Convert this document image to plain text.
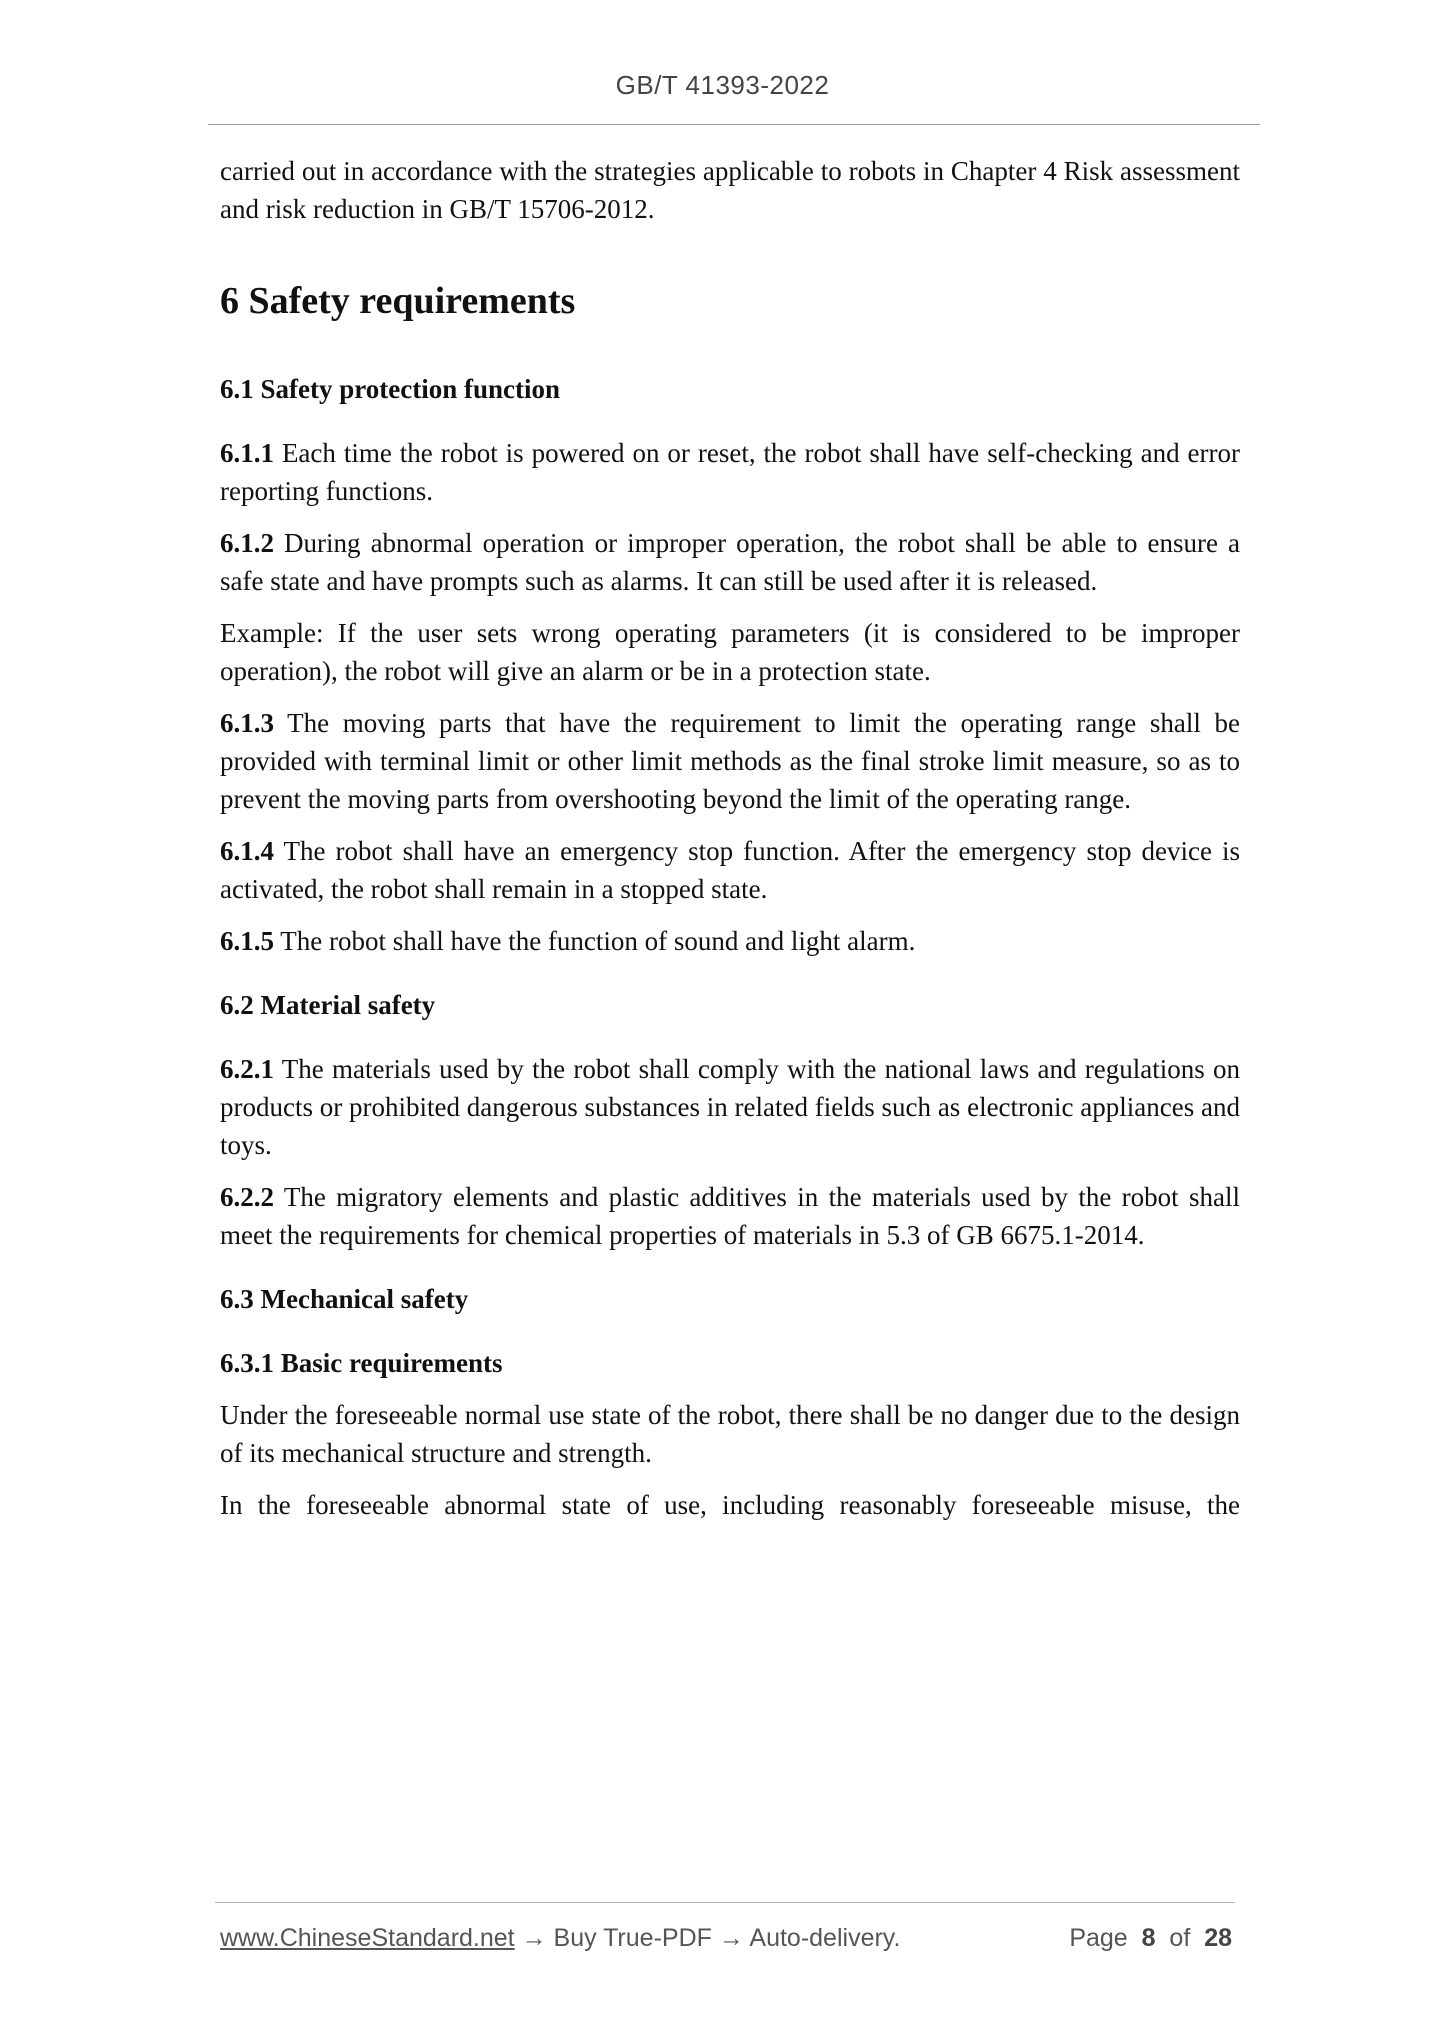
GB/T 41393-2022

carried out in accordance with the strategies applicable to robots in Chapter 4 Risk assessment and risk reduction in GB/T 15706-2012.

6 Safety requirements

6.1 Safety protection function

6.1.1 Each time the robot is powered on or reset, the robot shall have self-checking and error reporting functions.

6.1.2 During abnormal operation or improper operation, the robot shall be able to ensure a safe state and have prompts such as alarms. It can still be used after it is released.

Example: If the user sets wrong operating parameters (it is considered to be improper operation), the robot will give an alarm or be in a protection state.

6.1.3 The moving parts that have the requirement to limit the operating range shall be provided with terminal limit or other limit methods as the final stroke limit measure, so as to prevent the moving parts from overshooting beyond the limit of the operating range.

6.1.4 The robot shall have an emergency stop function. After the emergency stop device is activated, the robot shall remain in a stopped state.

6.1.5 The robot shall have the function of sound and light alarm.

6.2 Material safety

6.2.1 The materials used by the robot shall comply with the national laws and regulations on products or prohibited dangerous substances in related fields such as electronic appliances and toys.

6.2.2 The migratory elements and plastic additives in the materials used by the robot shall meet the requirements for chemical properties of materials in 5.3 of GB 6675.1-2014.

6.3 Mechanical safety

6.3.1 Basic requirements

Under the foreseeable normal use state of the robot, there shall be no danger due to the design of its mechanical structure and strength.

In the foreseeable abnormal state of use, including reasonably foreseeable misuse, the

www.ChineseStandard.net → Buy True-PDF → Auto-delivery.	Page 8 of 28
